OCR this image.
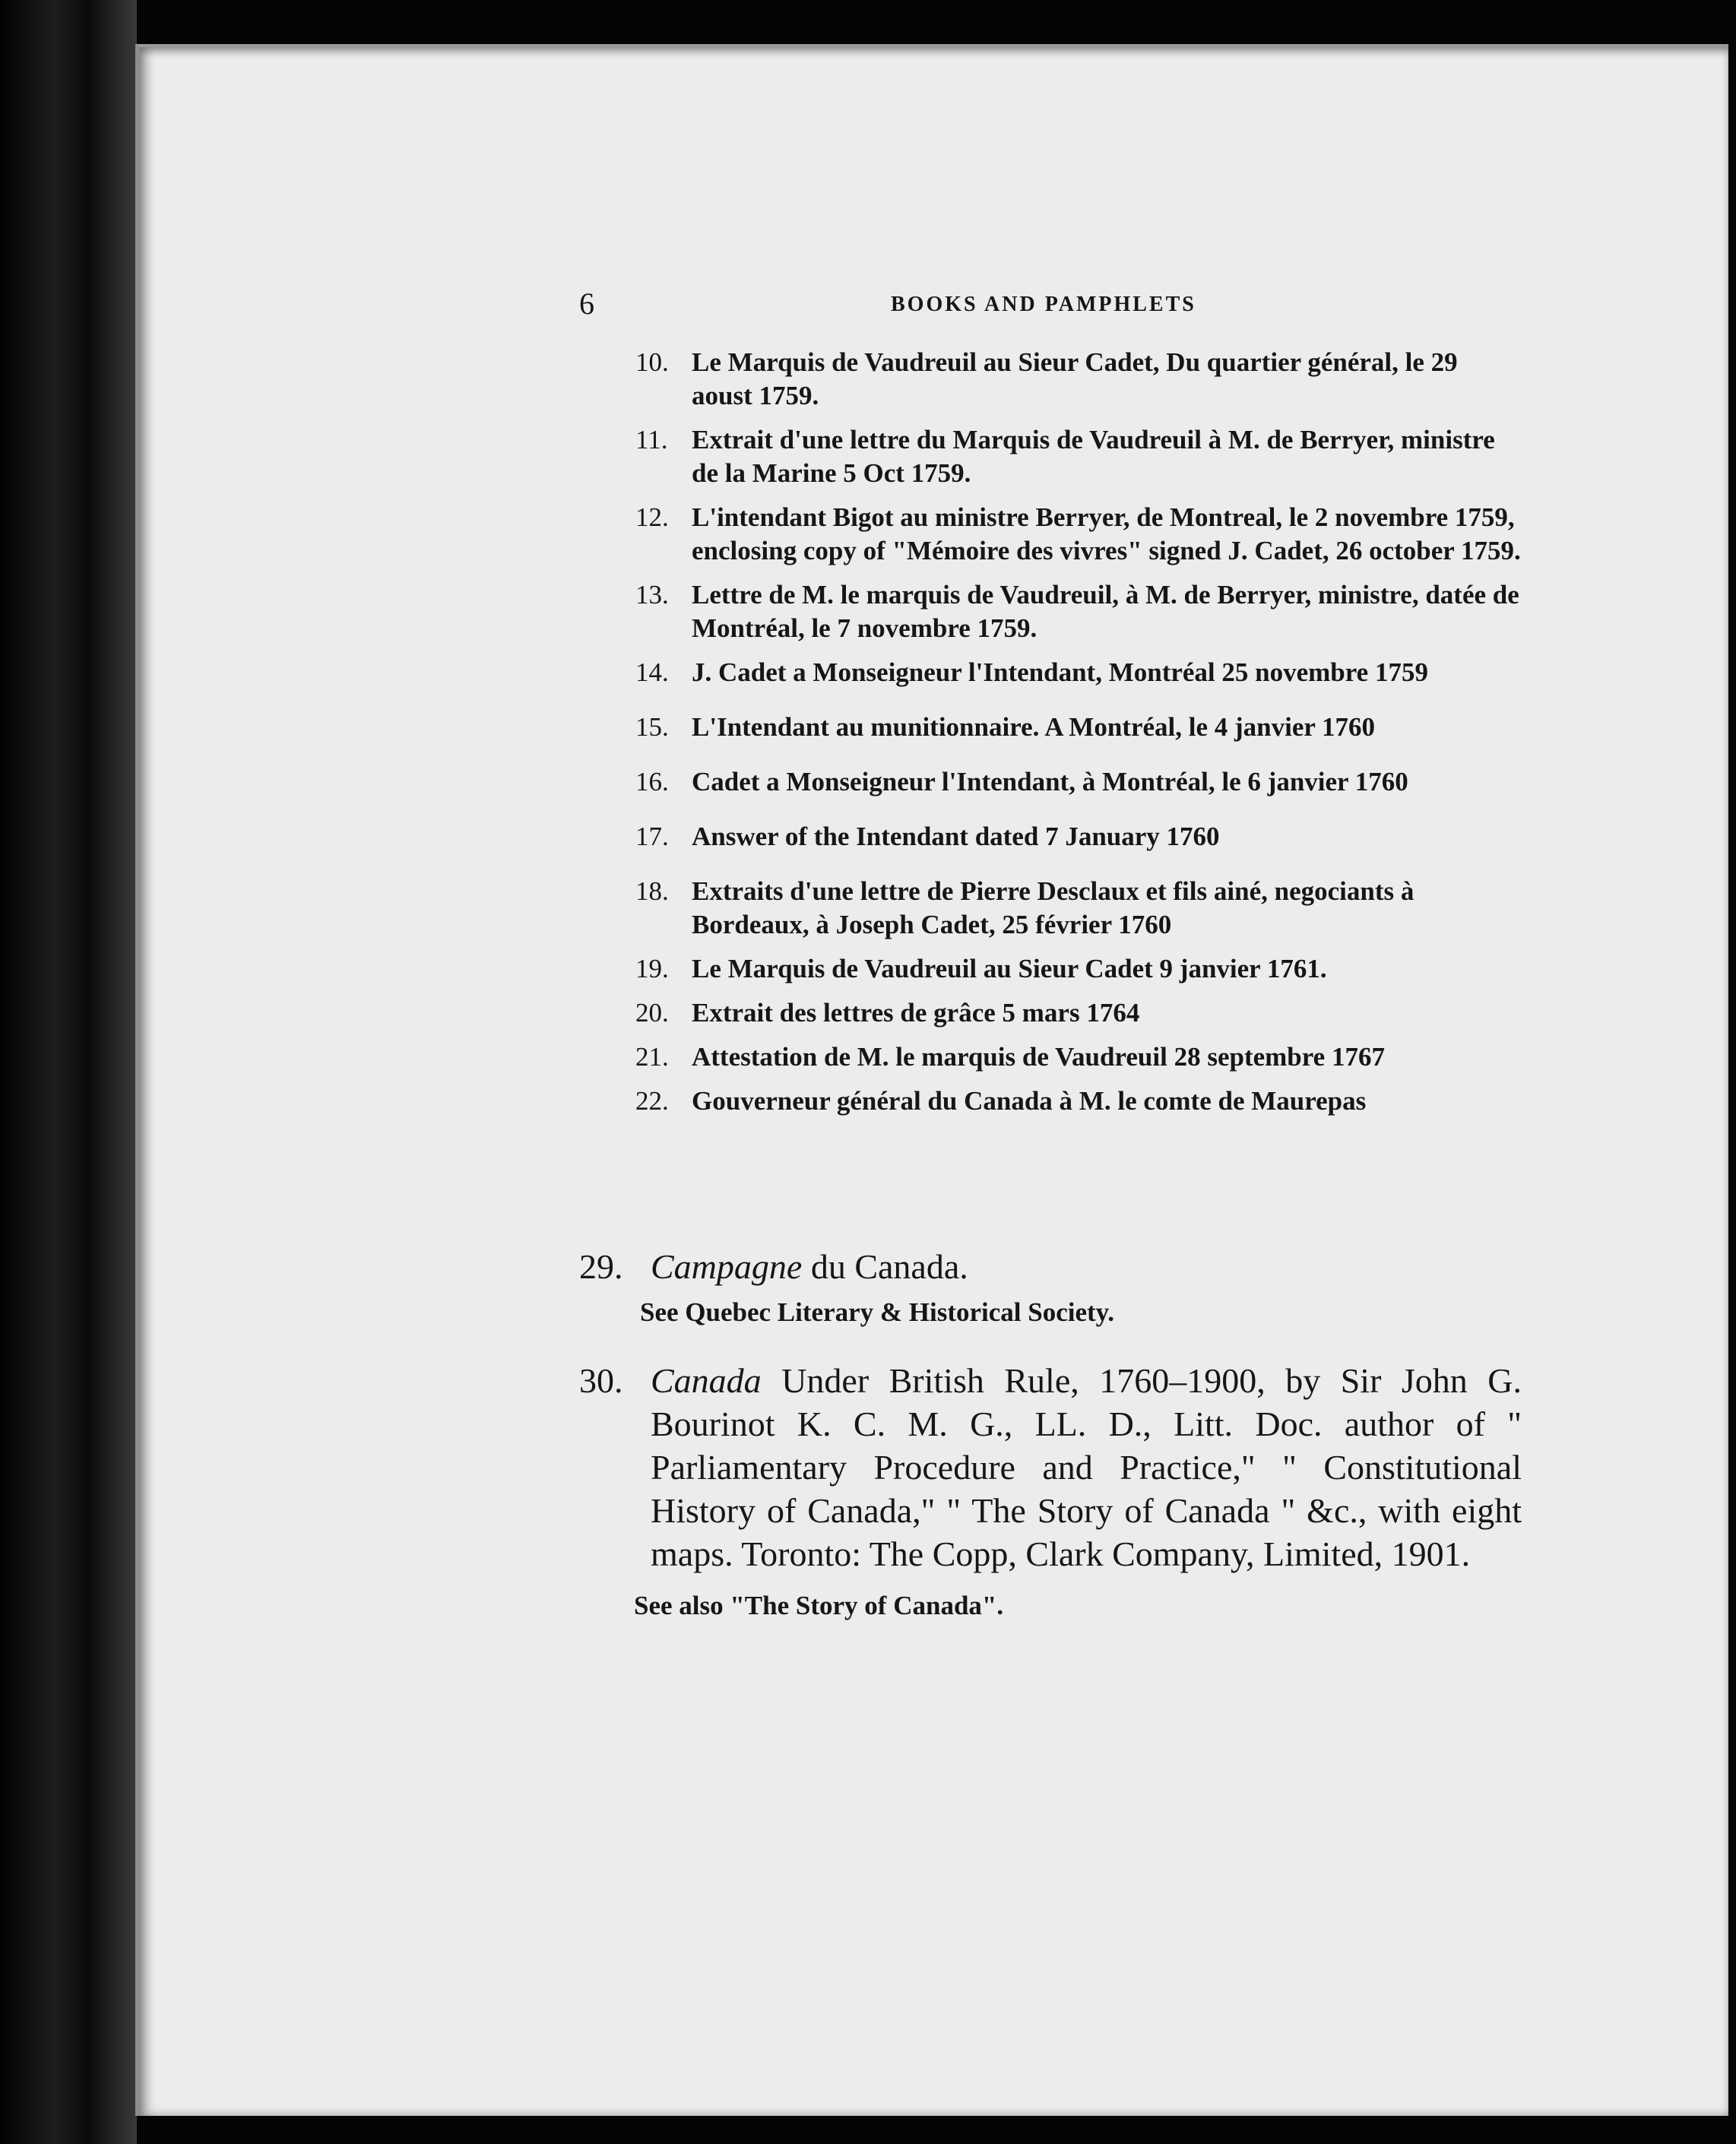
6	BOOKS AND PAMPHLETS
10. Le Marquis de Vaudreuil au Sieur Cadet, Du quartier général, le 29 aoust 1759.
11. Extrait d'une lettre du Marquis de Vaudreuil à M. de Berryer, ministre de la Marine 5 Oct 1759.
12. L'intendant Bigot au ministre Berryer, de Montreal, le 2 novembre 1759, enclosing copy of "Mémoire des vivres" signed J. Cadet, 26 october 1759.
13. Lettre de M. le marquis de Vaudreuil, à M. de Berryer, ministre, datée de Montréal, le 7 novembre 1759.
14. J. Cadet a Monseigneur l'Intendant, Montréal 25 novembre 1759
15. L'Intendant au munitionnaire. A Montréal, le 4 janvier 1760
16. Cadet a Monseigneur l'Intendant, à Montréal, le 6 janvier 1760
17. Answer of the Intendant dated 7 January 1760
18. Extraits d'une lettre de Pierre Desclaux et fils ainé, negociants à Bordeaux, à Joseph Cadet, 25 février 1760
19. Le Marquis de Vaudreuil au Sieur Cadet 9 janvier 1761.
20. Extrait des lettres de grâce 5 mars 1764
21. Attestation de M. le marquis de Vaudreuil 28 septembre 1767
22. Gouverneur général du Canada à M. le comte de Maurepas
29. Campagne du Canada.
See Quebec Literary & Historical Society.
30. Canada Under British Rule, 1760–1900, by Sir John G. Bourinot K. C. M. G., LL. D., Litt. Doc. author of " Parliamentary Procedure and Practice," " Constitutional History of Canada," " The Story of Canada " &c., with eight maps. Toronto: The Copp, Clark Company, Limited, 1901.
See also "The Story of Canada".
